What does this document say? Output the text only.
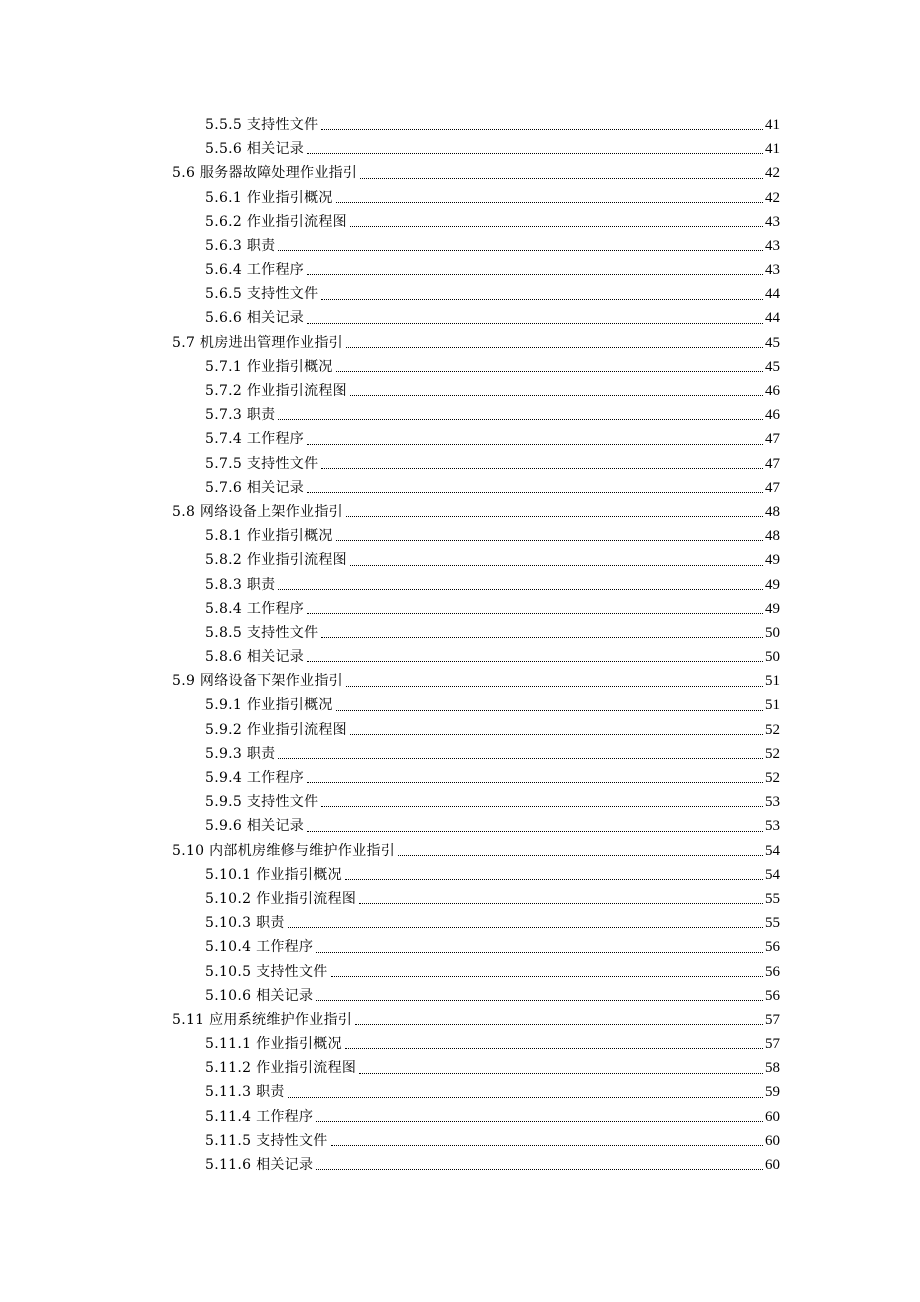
5.5.5 支持性文件	41
5.5.6 相关记录	41
5.6 服务器故障处理作业指引	42
5.6.1 作业指引概况	42
5.6.2 作业指引流程图	43
5.6.3 职责	43
5.6.4 工作程序	43
5.6.5 支持性文件	44
5.6.6 相关记录	44
5.7 机房进出管理作业指引	45
5.7.1 作业指引概况	45
5.7.2 作业指引流程图	46
5.7.3 职责	46
5.7.4 工作程序	47
5.7.5 支持性文件	47
5.7.6 相关记录	47
5.8 网络设备上架作业指引	48
5.8.1 作业指引概况	48
5.8.2 作业指引流程图	49
5.8.3 职责	49
5.8.4 工作程序	49
5.8.5 支持性文件	50
5.8.6 相关记录	50
5.9 网络设备下架作业指引	51
5.9.1 作业指引概况	51
5.9.2 作业指引流程图	52
5.9.3 职责	52
5.9.4 工作程序	52
5.9.5 支持性文件	53
5.9.6 相关记录	53
5.10 内部机房维修与维护作业指引	54
5.10.1 作业指引概况	54
5.10.2 作业指引流程图	55
5.10.3 职责	55
5.10.4 工作程序	56
5.10.5 支持性文件	56
5.10.6 相关记录	56
5.11 应用系统维护作业指引	57
5.11.1 作业指引概况	57
5.11.2 作业指引流程图	58
5.11.3 职责	59
5.11.4 工作程序	60
5.11.5 支持性文件	60
5.11.6 相关记录	60
